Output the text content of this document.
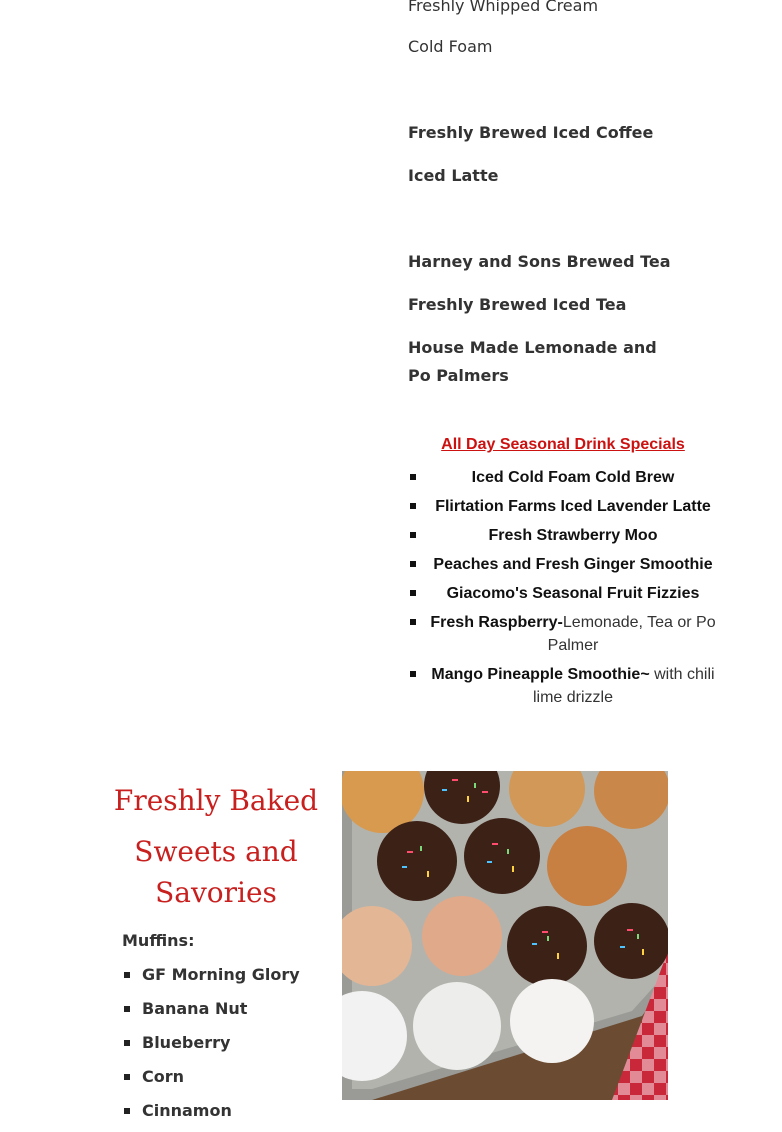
Freshly Whipped Cream

Cold Foam

Freshly Brewed Iced Coffee

Iced Latte

Harney and Sons Brewed Tea

Freshly Brewed Iced Tea

House Made Lemonade and Po Palmers

All Day Seasonal Drink Specials

Iced Cold Foam Cold Brew
Flirtation Farms Iced Lavender Latte
Fresh Strawberry Moo
Peaches and Fresh Ginger Smoothie
Giacomo's Seasonal Fruit Fizzies
Fresh Raspberry-Lemonade, Tea or Po Palmer
Mango Pineapple Smoothie~ with chili lime drizzle
Freshly Baked
Sweets and
Savories

Muffins:

GF Morning Glory
Banana Nut
Blueberry
Corn
Cinnamon
